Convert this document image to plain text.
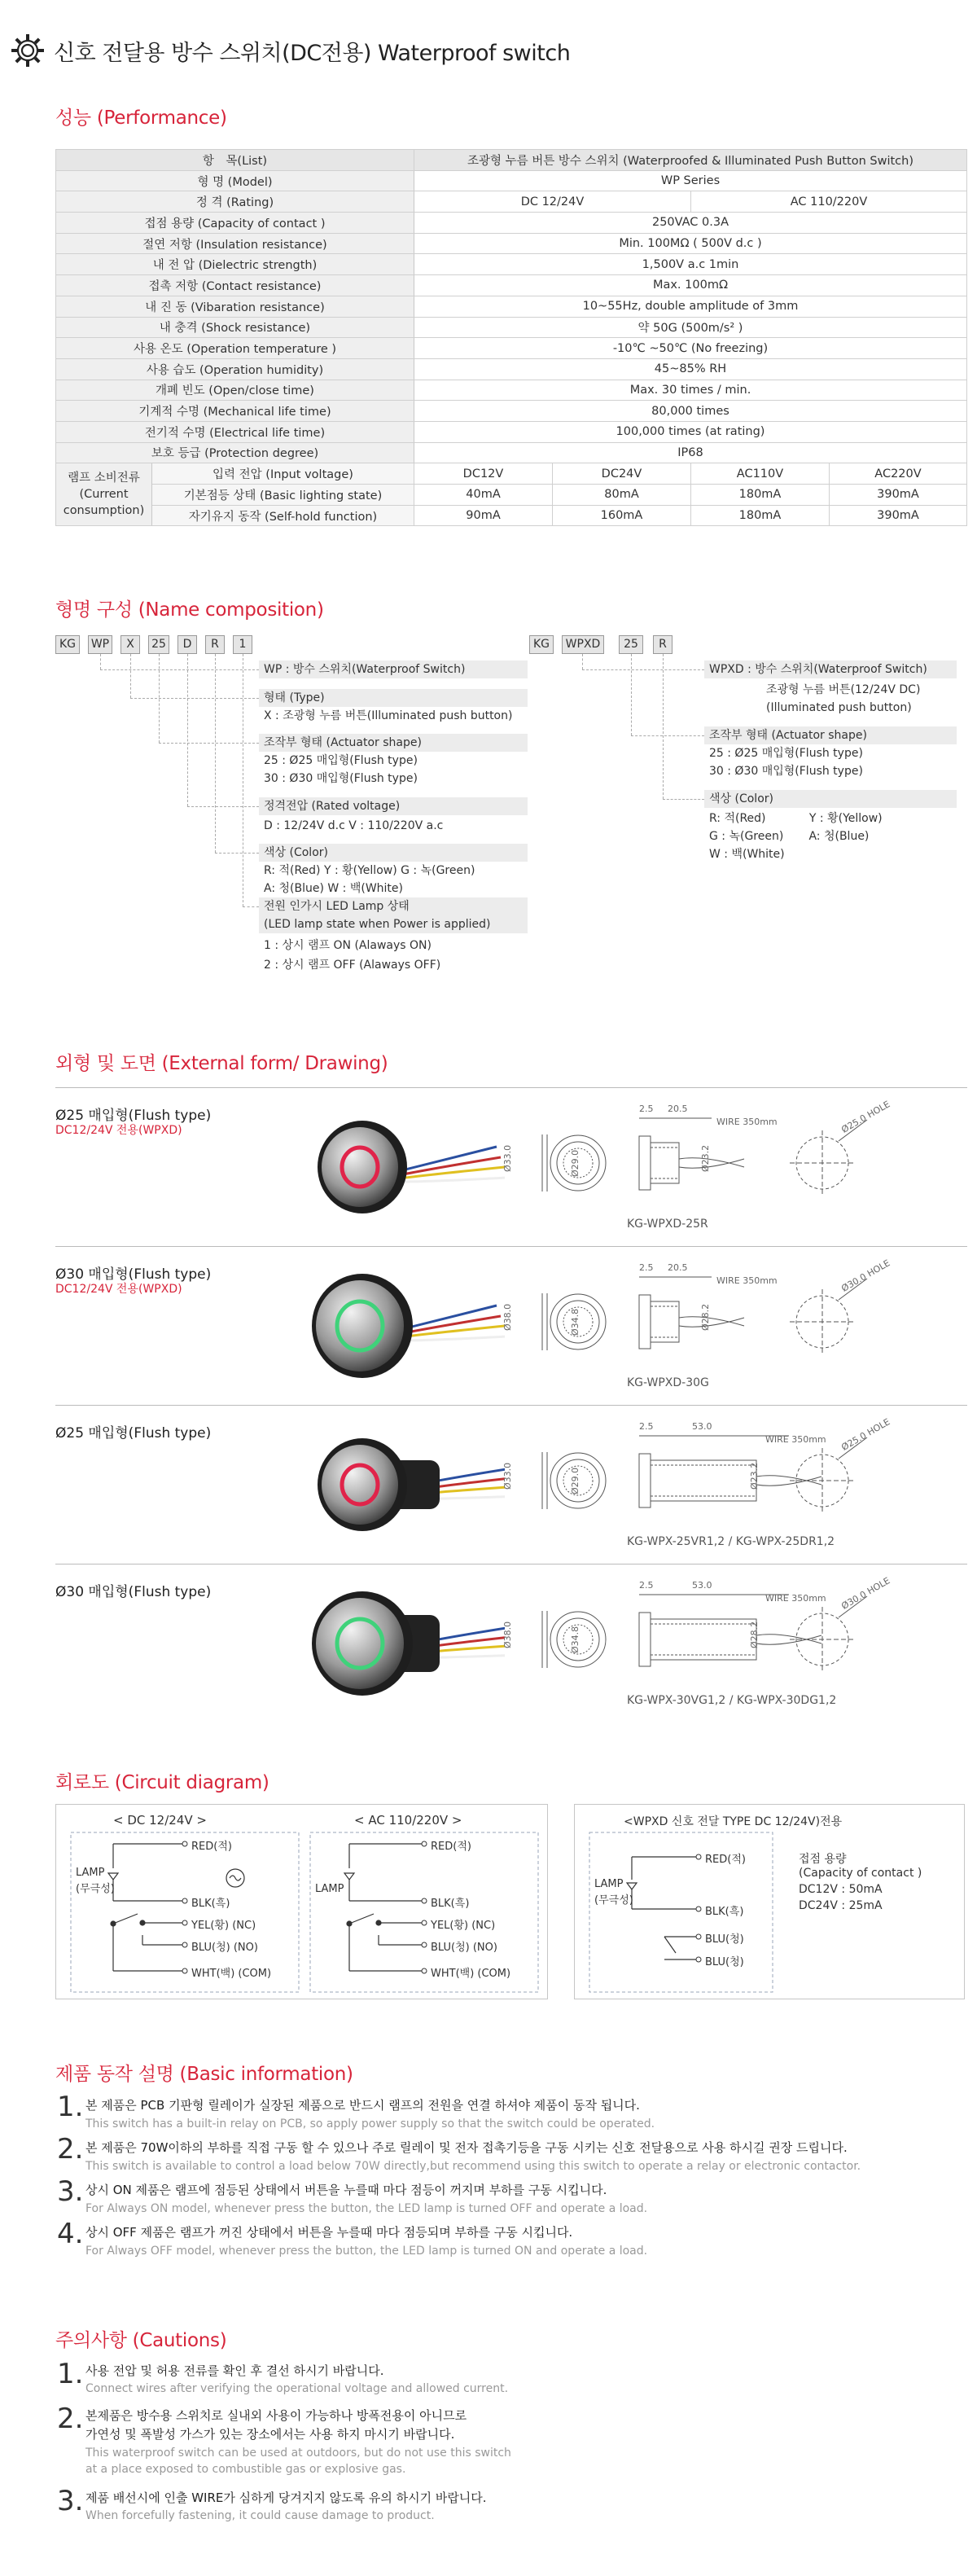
신호 전달용 방수 스위치(DC전용) Waterproof switch
성능 (Performance)
항　목(List)		조광형 누름 버튼 방수 스위치 (Waterproofed & Illuminated Push Button Switch)			
형 명 (Model)		WP Series			
정 격 (Rating)		DC 12/24V		AC 110/220V	
접점 용량 (Capacity of contact )		250VAC 0.3A			
절연 저항 (Insulation resistance)		Min. 100MΩ ( 500V d.c )			
내 전 압 (Dielectric strength)		1,500V a.c 1min			
접촉 저항 (Contact resistance)		Max. 100mΩ			
내 진 동 (Vibaration resistance)		10~55Hz, double amplitude of 3mm			
내 충격 (Shock resistance)		약 50G (500m/s² )			
사용 온도 (Operation temperature )		-10℃ ~50℃ (No freezing)			
사용 습도 (Operation humidity)		45~85% RH			
개폐 빈도 (Open/close time)		Max. 30 times / min.			
기계적 수명 (Mechanical life time)		80,000 times			
전기적 수명 (Electrical life time)		100,000 times (at rating)			
보호 등급 (Protection degree)		IP68			

램프 소비전류
(Current
consumption)	입력 전압 (Input voltage)	DC12V	DC24V	AC110V	AC220V
	기본점등 상태 (Basic lighting state)	40mA	80mA	180mA	390mA
	자기유지 동작 (Self-hold function)	90mA	160mA	180mA	390mA
형명 구성 (Name composition)
KG	WP	X	25	D	R	1
WP : 방수 스위치(Waterproof Switch)
형태 (Type)
X : 조광형 누름 버튼(Illuminated push button)
조작부 형태 (Actuator shape)
25 : Ø25 매입형(Flush type)
30 : Ø30 매입형(Flush type)
정격전압 (Rated voltage)
D : 12/24V d.c V : 110/220V a.c
색상 (Color)
R: 적(Red) Y : 황(Yellow) G : 녹(Green)
A: 청(Blue) W : 백(White)
전원 인가시 LED Lamp 상태
(LED lamp state when Power is applied)
1 : 상시 램프 ON (Alaways ON)
2 : 상시 램프 OFF (Alaways OFF)
KG	WPXD	25	R
WPXD : 방수 스위치(Waterproof Switch)
조광형 누름 버튼(12/24V DC)
(Illuminated push button)
조작부 형태 (Actuator shape)
25 : Ø25 매입형(Flush type)
30 : Ø30 매입형(Flush type)
색상 (Color)
R: 적(Red)            Y : 황(Yellow)
G : 녹(Green)       A: 청(Blue)
W : 백(White)
외형 및 도면 (External form/ Drawing)
Ø25 매입형(Flush type)
DC12/24V 전용(WPXD)
2.5 20.5
WIRE 350mm
Ø33.0	Ø29.0	Ø23.2
Ø25.0 HOLE
KG-WPXD-25R
Ø30 매입형(Flush type)
DC12/24V 전용(WPXD)
2.5 20.5
WIRE 350mm
Ø38.0	Ø34.8	Ø28.2
Ø30.0 HOLE
KG-WPXD-30G
Ø25 매입형(Flush type)	2.5	53.0
WIRE 350mm
Ø33.0	Ø29.0	Ø23.2
Ø25.0 HOLE
KG-WPX-25VR1,2 / KG-WPX-25DR1,2
Ø30 매입형(Flush type)	2.5	53.0
WIRE 350mm
Ø38.0	Ø34.8	Ø28.2
Ø30.0 HOLE
KG-WPX-30VG1,2 / KG-WPX-30DG1,2
회로도 (Circuit diagram)
< DC 12/24V >	< AC 110/220V >
LAMP
(무극성)	LAMP
RED(적)
BLK(흑)
YEL(황) (NC)
BLU(청) (NO)
WHT(백) (COM)
RED(적)
BLK(흑)
YEL(황) (NC)
BLU(청) (NO)
WHT(백) (COM)
<WPXD 신호 전달 TYPE DC 12/24V)전용
LAMP
(무극성)
RED(적)
BLK(흑)
BLU(청)
BLU(청)
접점 용량
(Capacity of contact )
DC12V : 50mA
DC24V : 25mA
제품 동작 설명 (Basic information)
1. 본 제품은 PCB 기판형 릴레이가 실장된 제품으로 반드시 램프의 전원을 연결 하셔야 제품이 동작 됩니다.
This switch has a built-in relay on PCB, so apply power supply so that the switch could be operated.
2. 본 제품은 70W이하의 부하를 직접 구동 할 수 있으나 주로 릴레이 및 전자 접촉기등을 구동 시키는 신호 전달용으로 사용 하시길 권장 드립니다.
This switch is available to control a load below 70W directly,but recommend using this switch to operate a relay or electronic contactor.
3. 상시 ON 제품은 램프에 점등된 상태에서 버튼을 누를때 마다 점등이 꺼지며 부하를 구동 시킵니다.
For Always ON model, whenever press the button, the LED lamp is turned OFF and operate a load.
4. 상시 OFF 제품은 램프가 꺼진 상태에서 버튼을 누를때 마다 점등되며 부하를 구동 시킵니다.
For Always OFF model, whenever press the button, the LED lamp is turned ON and operate a load.
주의사항 (Cautions)
1. 사용 전압 및 허용 전류를 확인 후 결선 하시기 바랍니다.
Connect wires after verifying the operational voltage and allowed current.
2. 본제품은 방수용 스위치로 실내외 사용이 가능하나 방폭전용이 아니므로
가연성 및 폭발성 가스가 있는 장소에서는 사용 하지 마시기 바랍니다.
This waterproof switch can be used at outdoors, but do not use this switch
at a place exposed to combustible gas or explosive gas.
3. 제품 배선시에 인출 WIRE가 심하게 당겨지지 않도록 유의 하시기 바랍니다.
When forcefully fastening, it could cause damage to product.
